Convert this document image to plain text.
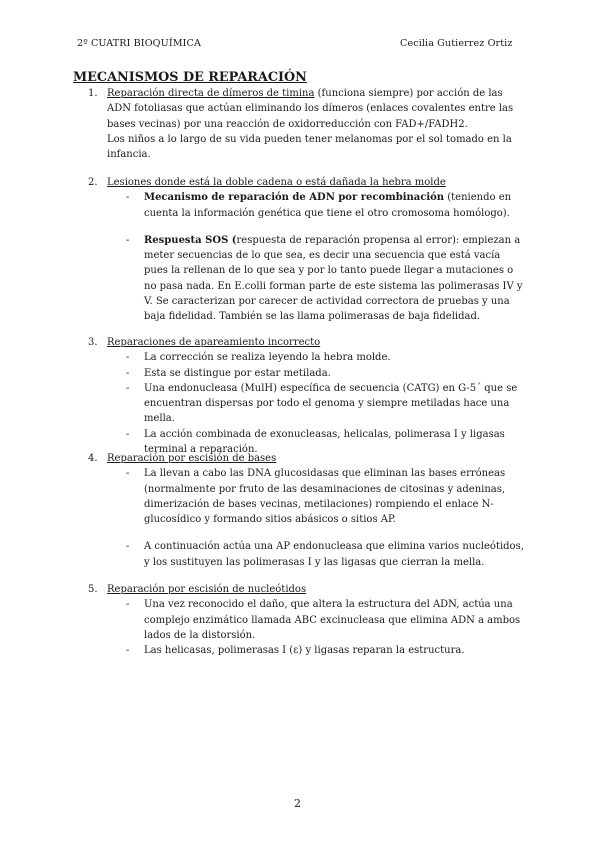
2º CUATRI BIOQUÍMICA	Cecilia Gutierrez Ortiz
MECANISMOS DE REPARACIÓN
1. Reparación directa de dímeros de timina (funciona siempre) por acción de las ADN fotoliasas que actúan eliminando los dímeros (enlaces covalentes entre las bases vecinas) por una reacción de oxidorreducción con FAD+/FADH2.
Los niños a lo largo de su vida pueden tener melanomas por el sol tomado en la infancia.
2. Lesiones donde está la doble cadena o está dañada la hebra molde
- Mecanismo de reparación de ADN por recombinación (teniendo en cuenta la información genética que tiene el otro cromosoma homólogo).
- Respuesta SOS (respuesta de reparación propensa al error): empiezan a meter secuencias de lo que sea, es decir una secuencia que está vacía pues la rellenan de lo que sea y por lo tanto puede llegar a mutaciones o no pasa nada. En E.colli forman parte de este sistema las polimerasas IV y V. Se caracterizan por carecer de actividad correctora de pruebas y una baja fidelidad. También se las llama polimerasas de baja fidelidad.
3. Reparaciones de apareamiento incorrecto
- La corrección se realiza leyendo la hebra molde.
- Esta se distingue por estar metilada.
- Una endonucleasa (MulH) específica de secuencia (CATG) en G-5´ que se encuentran dispersas por todo el genoma y siempre metiladas hace una mella.
- La acción combinada de exonucleasas, helicalas, polimerasa I y ligasas terminal a reparación.
4. Reparación por escisión de bases
- La llevan a cabo las DNA glucosidasas que eliminan las bases erróneas (normalmente por fruto de las desaminaciones de citosinas y adeninas, dimerización de bases vecinas, metilaciones) rompiendo el enlace N-glucosídico y formando sitios abásicos o sitios AP.
- A continuación actúa una AP endonucleasa que elimina varios nucleótidos, y los sustituyen las polimerasas I y las ligasas que cierran la mella.
5. Reparación por escisión de nucleótidos
- Una vez reconocido el daño, que altera la estructura del ADN, actúa una complejo enzimático llamada ABC excinucleasa que elimina ADN a ambos lados de la distorsión.
- Las helicasas, polimerasas I (ε) y ligasas reparan la estructura.
2
